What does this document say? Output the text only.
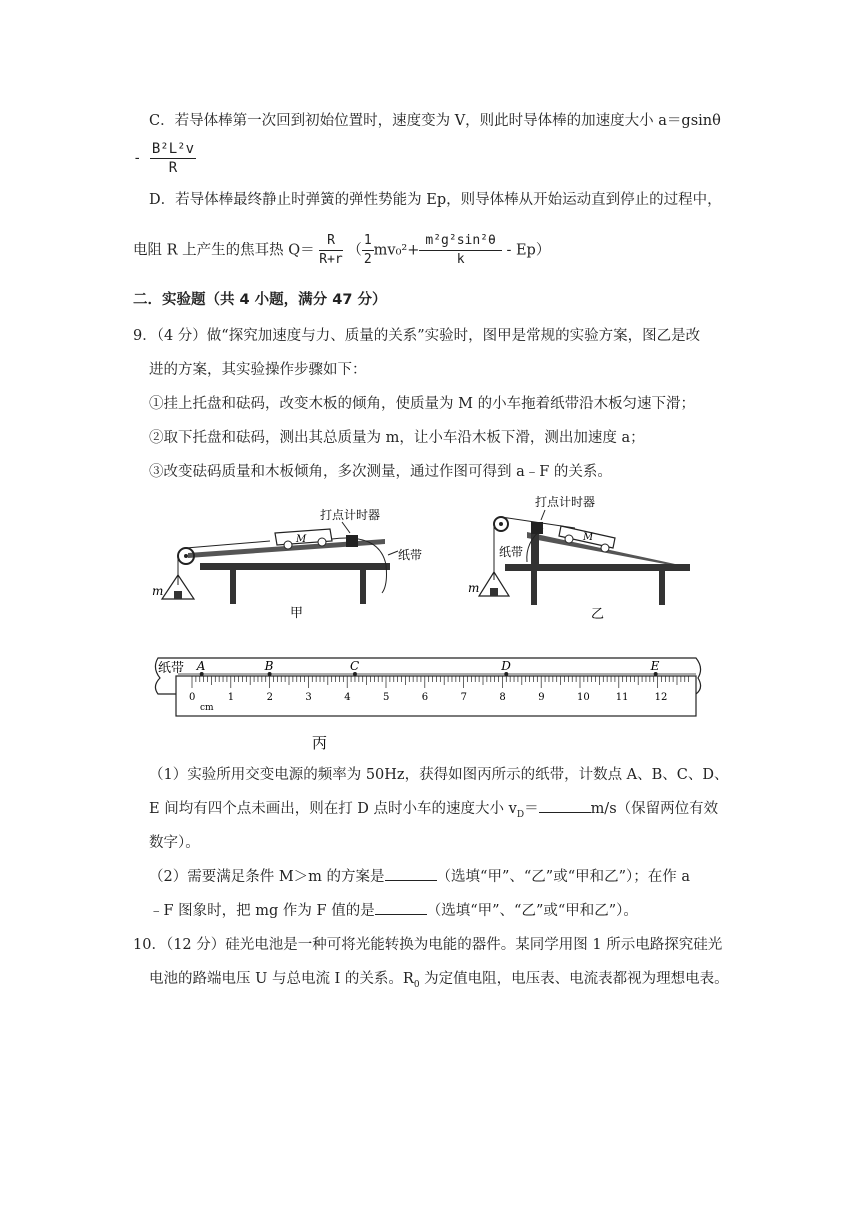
C．若导体棒第一次回到初始位置时，速度变为 V，则此时导体棒的加速度大小 a＝gsinθ
- $\frac{\text{B²L²v}}{R}$
D．若导体棒最终静止时弹簧的弹性势能为 Ep，则导体棒从开始运动直到停止的过程中，
电阻 R 上产生的焦耳热 $Q= \frac{R}{R+r}$ （ $\frac{1}{2} mv_0^2+ \frac{\text{m²g²sin²θ}}{k} - Ep$）
二．实验题（共 4 小题，满分 47 分）
9．（4 分）做“探究加速度与力、质量的关系”实验时，图甲是常规的实验方案，图乙是改
进的方案，其实验操作步骤如下：
①挂上托盘和砝码，改变木板的倾角，使质量为 M 的小车拖着纸带沿木板匀速下滑；
②取下托盘和砝码，测出其总质量为 m，让小车沿木板下滑，测出加速度 a；
③改变砝码质量和木板倾角，多次测量，通过作图可得到 a﹣F 的关系。
m
M
打点计时器
纸带
甲
打点计时器
m
M
纸带
乙
纸带 A	B	C	D	E
0	1	2	3	4	5	6	7	8	9	10	11	12
cm
丙
（1）实验所用交变电源的频率为 50Hz，获得如图丙所示的纸带，计数点 A、B、C、D、
E 间均有四个点未画出，则在打 D 点时小车的速度大小 $v_D=$	m/s（保留两位有效
数字）。
（2）需要满足条件 M＞m 的方案是	（选填“甲”、“乙”或“甲和乙”）；在作 a
﹣F 图象时，把 mg 作为 F 值的是	（选填“甲”、“乙”或“甲和乙”）。
10．（12 分）硅光电池是一种可将光能转换为电能的器件。某同学用图 1 所示电路探究硅光
电池的路端电压 U 与总电流 I 的关系。$R_0$ 为定值电阻，电压表、电流表都视为理想电表。
